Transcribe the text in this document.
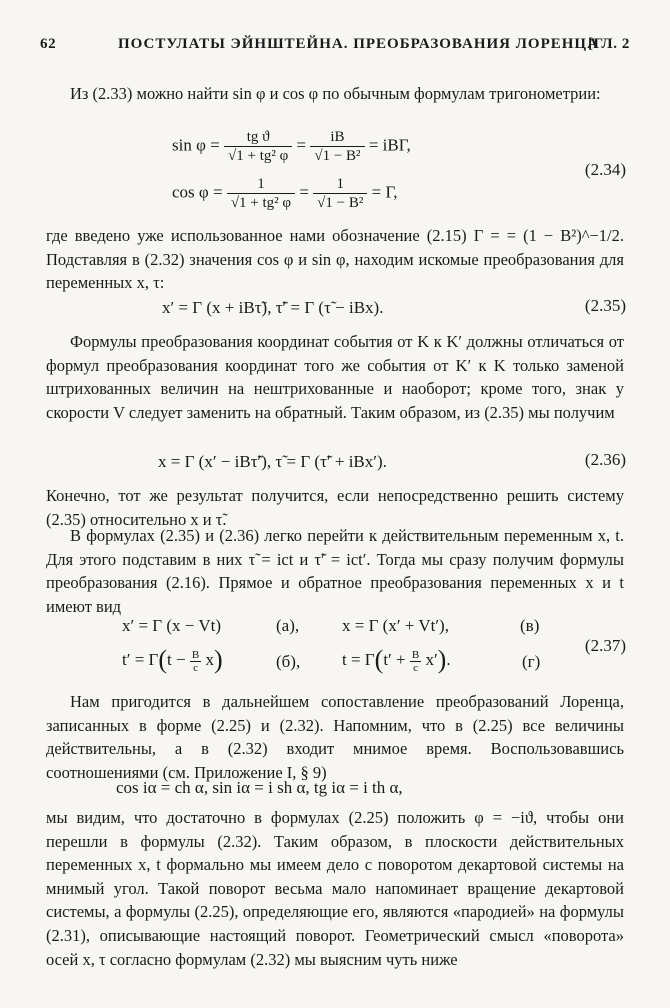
62	ПОСТУЛАТЫ ЭЙНШТЕЙНА. ПРЕОБРАЗОВАНИЯ ЛОРЕНЦА
[ГЛ. 2
Из (2.33) можно найти sin φ и cos φ по обычным формулам тригонометрии:
$\sin \varphi = \frac{\text{tg ϑ}}{\text{√1 + tg² φ}} = \frac{iB}{\text{√1 − B²}} = iB\Gamma$,
$\cos \varphi = \frac{1}{\text{√1 + tg² φ}} = \frac{1}{\text{√1 − B²}} = \Gamma$,
(2.34)
где введено уже использованное нами обозначение (2.15) Γ = = (1 − B²)^−1/2. Подставляя в (2.32) значения cos φ и sin φ, находим искомые преобразования для переменных x, τ:
x′ = Γ (x + iBτ̃), τ̃′ = Γ (τ̃ − iBx).	(2.35)
Формулы преобразования координат события от K к K′ должны отличаться от формул преобразования координат того же события от K′ к K только заменой штрихованных величин на нештрихованные и наоборот; кроме того, знак у скорости V следует заменить на обратный. Таким образом, из (2.35) мы получим
x = Γ (x′ − iBτ̃′), τ̃ = Γ (τ̃′ + iBx′).	(2.36)
Конечно, тот же результат получится, если непосредственно решить систему (2.35) относительно x и τ̃.
В формулах (2.35) и (2.36) легко перейти к действительным переменным x, t. Для этого подставим в них τ̃ = ict и τ̃′ = ict′. Тогда мы сразу получим формулы преобразования (2.16). Прямое и обратное преобразования переменных x и t имеют вид
x′ = Γ (x − Vt)	(а),	x = Γ (x′ + Vt′),	(в)
$t' = \Gamma(t - \frac{B}{c} x)$	(б), $t = \Gamma(t' + \frac{B}{c} x')$.	(г)
(2.37)
Нам пригодится в дальнейшем сопоставление преобразований Лоренца, записанных в форме (2.25) и (2.32). Напомним, что в (2.25) все величины действительны, а в (2.32) входит мнимое время. Воспользовавшись соотношениями (см. Приложение I, § 9)
cos iα = ch α, sin iα = i sh α, tg iα = i th α,
мы видим, что достаточно в формулах (2.25) положить φ = −iϑ, чтобы они перешли в формулы (2.32). Таким образом, в плоскости действительных переменных x, t формально мы имеем дело с поворотом декартовой системы на мнимый угол. Такой поворот весьма мало напоминает вращение декартовой системы, а формулы (2.25), определяющие его, являются «пародией» на формулы (2.31), описывающие настоящий поворот. Геометрический смысл «поворота» осей x, τ согласно формулам (2.32) мы выясним чуть ниже
